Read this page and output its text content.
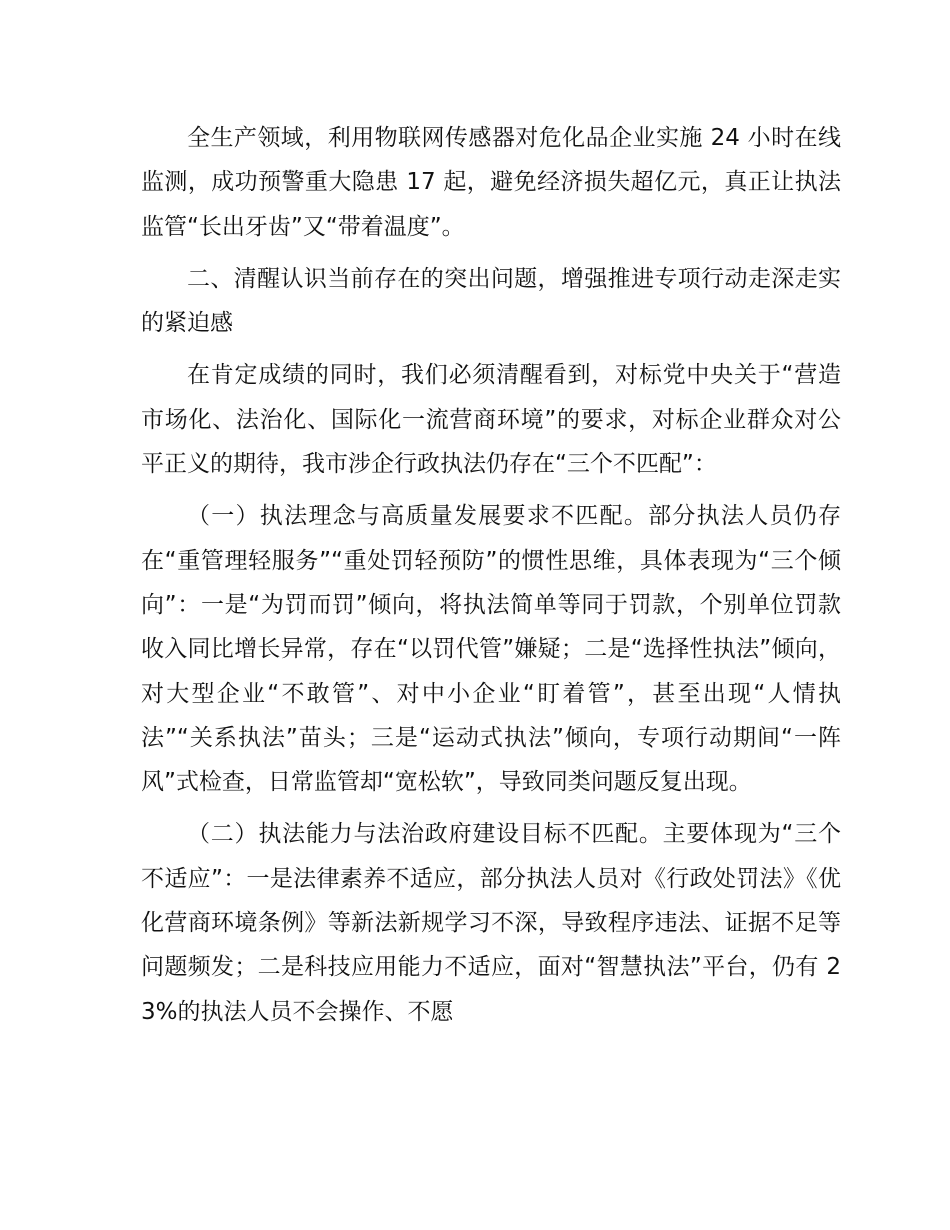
全生产领域，利用物联网传感器对危化品企业实施 24 小时在线监测，成功预警重大隐患 17 起，避免经济损失超亿元，真正让执法监管“长出牙齿”又“带着温度”。

二、清醒认识当前存在的突出问题，增强推进专项行动走深走实的紧迫感

在肯定成绩的同时，我们必须清醒看到，对标党中央关于“营造市场化、法治化、国际化一流营商环境”的要求，对标企业群众对公平正义的期待，我市涉企行政执法仍存在“三个不匹配”：

（一）执法理念与高质量发展要求不匹配。部分执法人员仍存在“重管理轻服务”“重处罚轻预防”的惯性思维，具体表现为“三个倾向”：一是“为罚而罚”倾向，将执法简单等同于罚款，个别单位罚款收入同比增长异常，存在“以罚代管”嫌疑；二是“选择性执法”倾向，对大型企业“不敢管”、对中小企业“盯着管”，甚至出现“人情执法”“关系执法”苗头；三是“运动式执法”倾向，专项行动期间“一阵风”式检查，日常监管却“宽松软”，导致同类问题反复出现。

（二）执法能力与法治政府建设目标不匹配。主要体现为“三个不适应”：一是法律素养不适应，部分执法人员对《行政处罚法》《优化营商环境条例》等新法新规学习不深，导致程序违法、证据不足等问题频发；二是科技应用能力不适应，面对“智慧执法”平台，仍有 23%的执法人员不会操作、不愿
